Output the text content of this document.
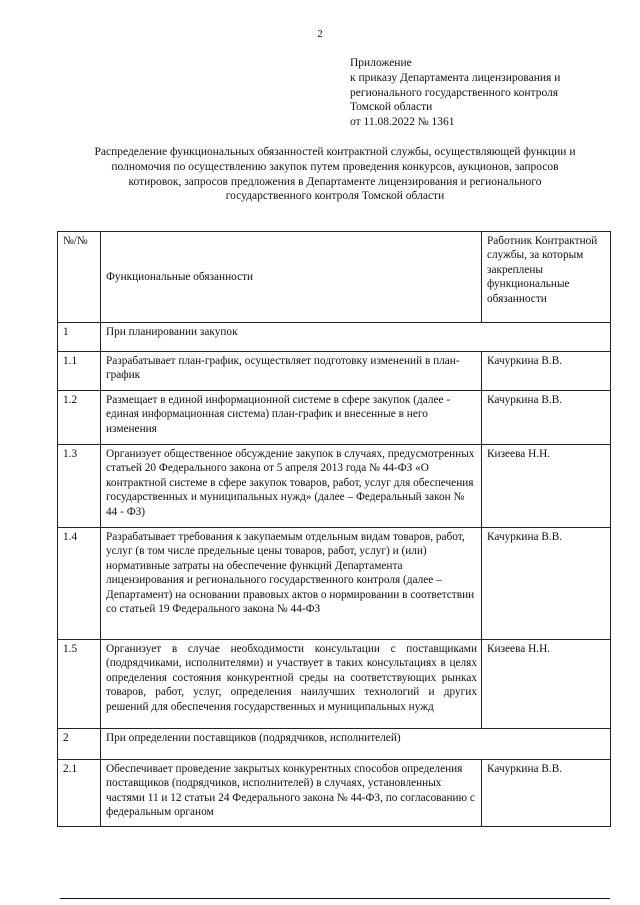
2
Приложение
к приказу Департамента лицензирования и
регионального государственного контроля
Томской области
от 11.08.2022 № 1361
Распределение функциональных обязанностей контрактной службы, осуществляющей функции и
полномочия по осуществлению закупок путем проведения конкурсов, аукционов, запросов
котировок, запросов предложения в Департаменте лицензирования и регионального
государственного контроля Томской области
№/№	Функциональные обязанности	Работник Контрактной службы, за которым закреплены функциональные обязанности
1	При планировании закупок	
1.1	Разрабатывает план-график, осуществляет подготовку изменений в план-график	Качуркина В.В.
1.2	Размещает в единой информационной системе в сфере закупок (далее - единая информационная система) план-график и внесенные в него изменения	Качуркина В.В.
1.3	Организует общественное обсуждение закупок в случаях, предусмотренных статьей 20 Федерального закона от 5 апреля 2013 года № 44-ФЗ «О контрактной системе в сфере закупок товаров, работ, услуг для обеспечения государственных и муниципальных нужд» (далее – Федеральный закон № 44 - ФЗ)	Кизеева Н.Н.
1.4	Разрабатывает требования к закупаемым отдельным видам товаров, работ, услуг (в том числе предельные цены товаров, работ, услуг) и (или) нормативные затраты на обеспечение функций Департамента лицензирования и регионального государственного контроля (далее – Департамент) на основании правовых актов о нормировании в соответствии со статьей 19 Федерального закона № 44-ФЗ	Качуркина В.В.
1.5	Организует в случае необходимости консультации с поставщиками (подрядчиками, исполнителями) и участвует в таких консультациях в целях определения состояния конкурентной среды на соответствующих рынках товаров, работ, услуг, определения наилучших технологий и других решений для обеспечения государственных и муниципальных нужд	Кизеева Н.Н.
2	При определении поставщиков (подрядчиков, исполнителей)	
2.1	Обеспечивает проведение закрытых конкурентных способов определения поставщиков (подрядчиков, исполнителей) в случаях, установленных частями 11 и 12 статьи 24 Федерального закона № 44-ФЗ, по согласованию с федеральным органом	Качуркина В.В.
